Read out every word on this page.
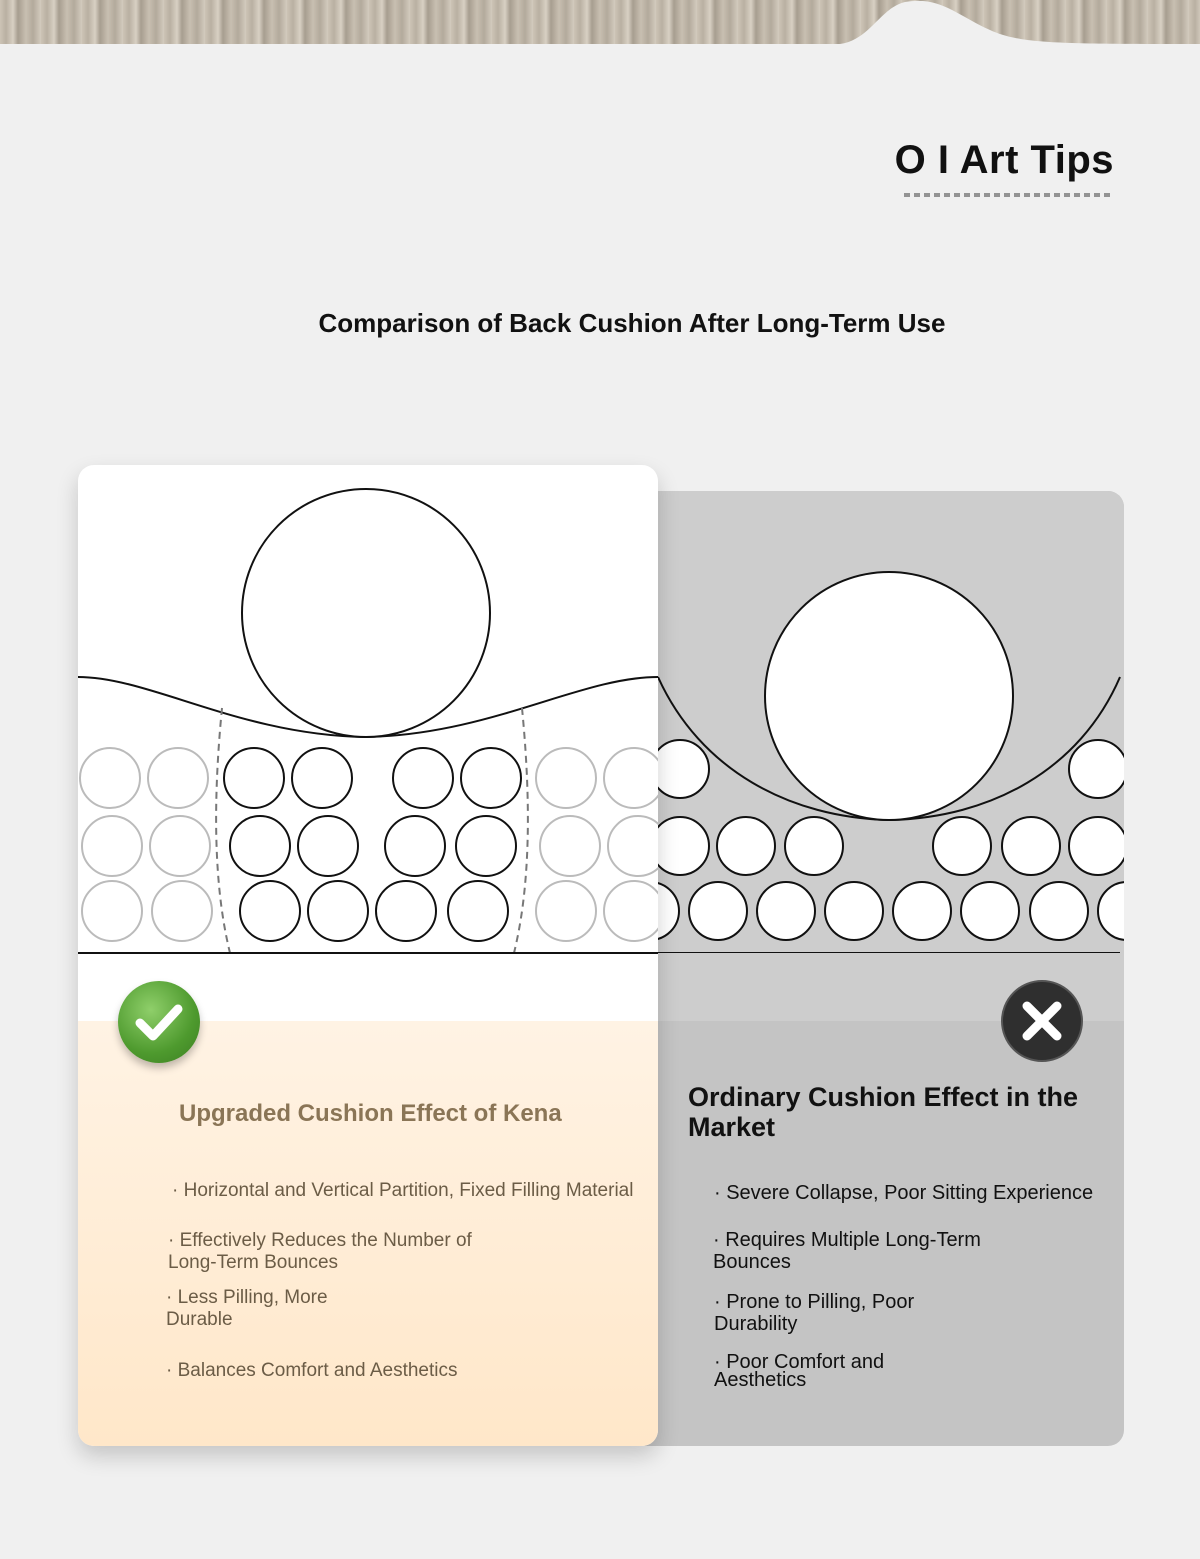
O I Art Tips
Comparison of Back Cushion After Long-Term Use
Upgraded Cushion Effect of Kena
· Horizontal and Vertical Partition, Fixed Filling Material
· Effectively Reduces the Number of Long-Term Bounces
· Less Pilling, More Durable
· Balances Comfort and Aesthetics
Ordinary Cushion Effect in the Market
· Severe Collapse, Poor Sitting Experience
· Requires Multiple Long-Term Bounces
· Prone to Pilling, Poor Durability
· Poor Comfort and Aesthetics
